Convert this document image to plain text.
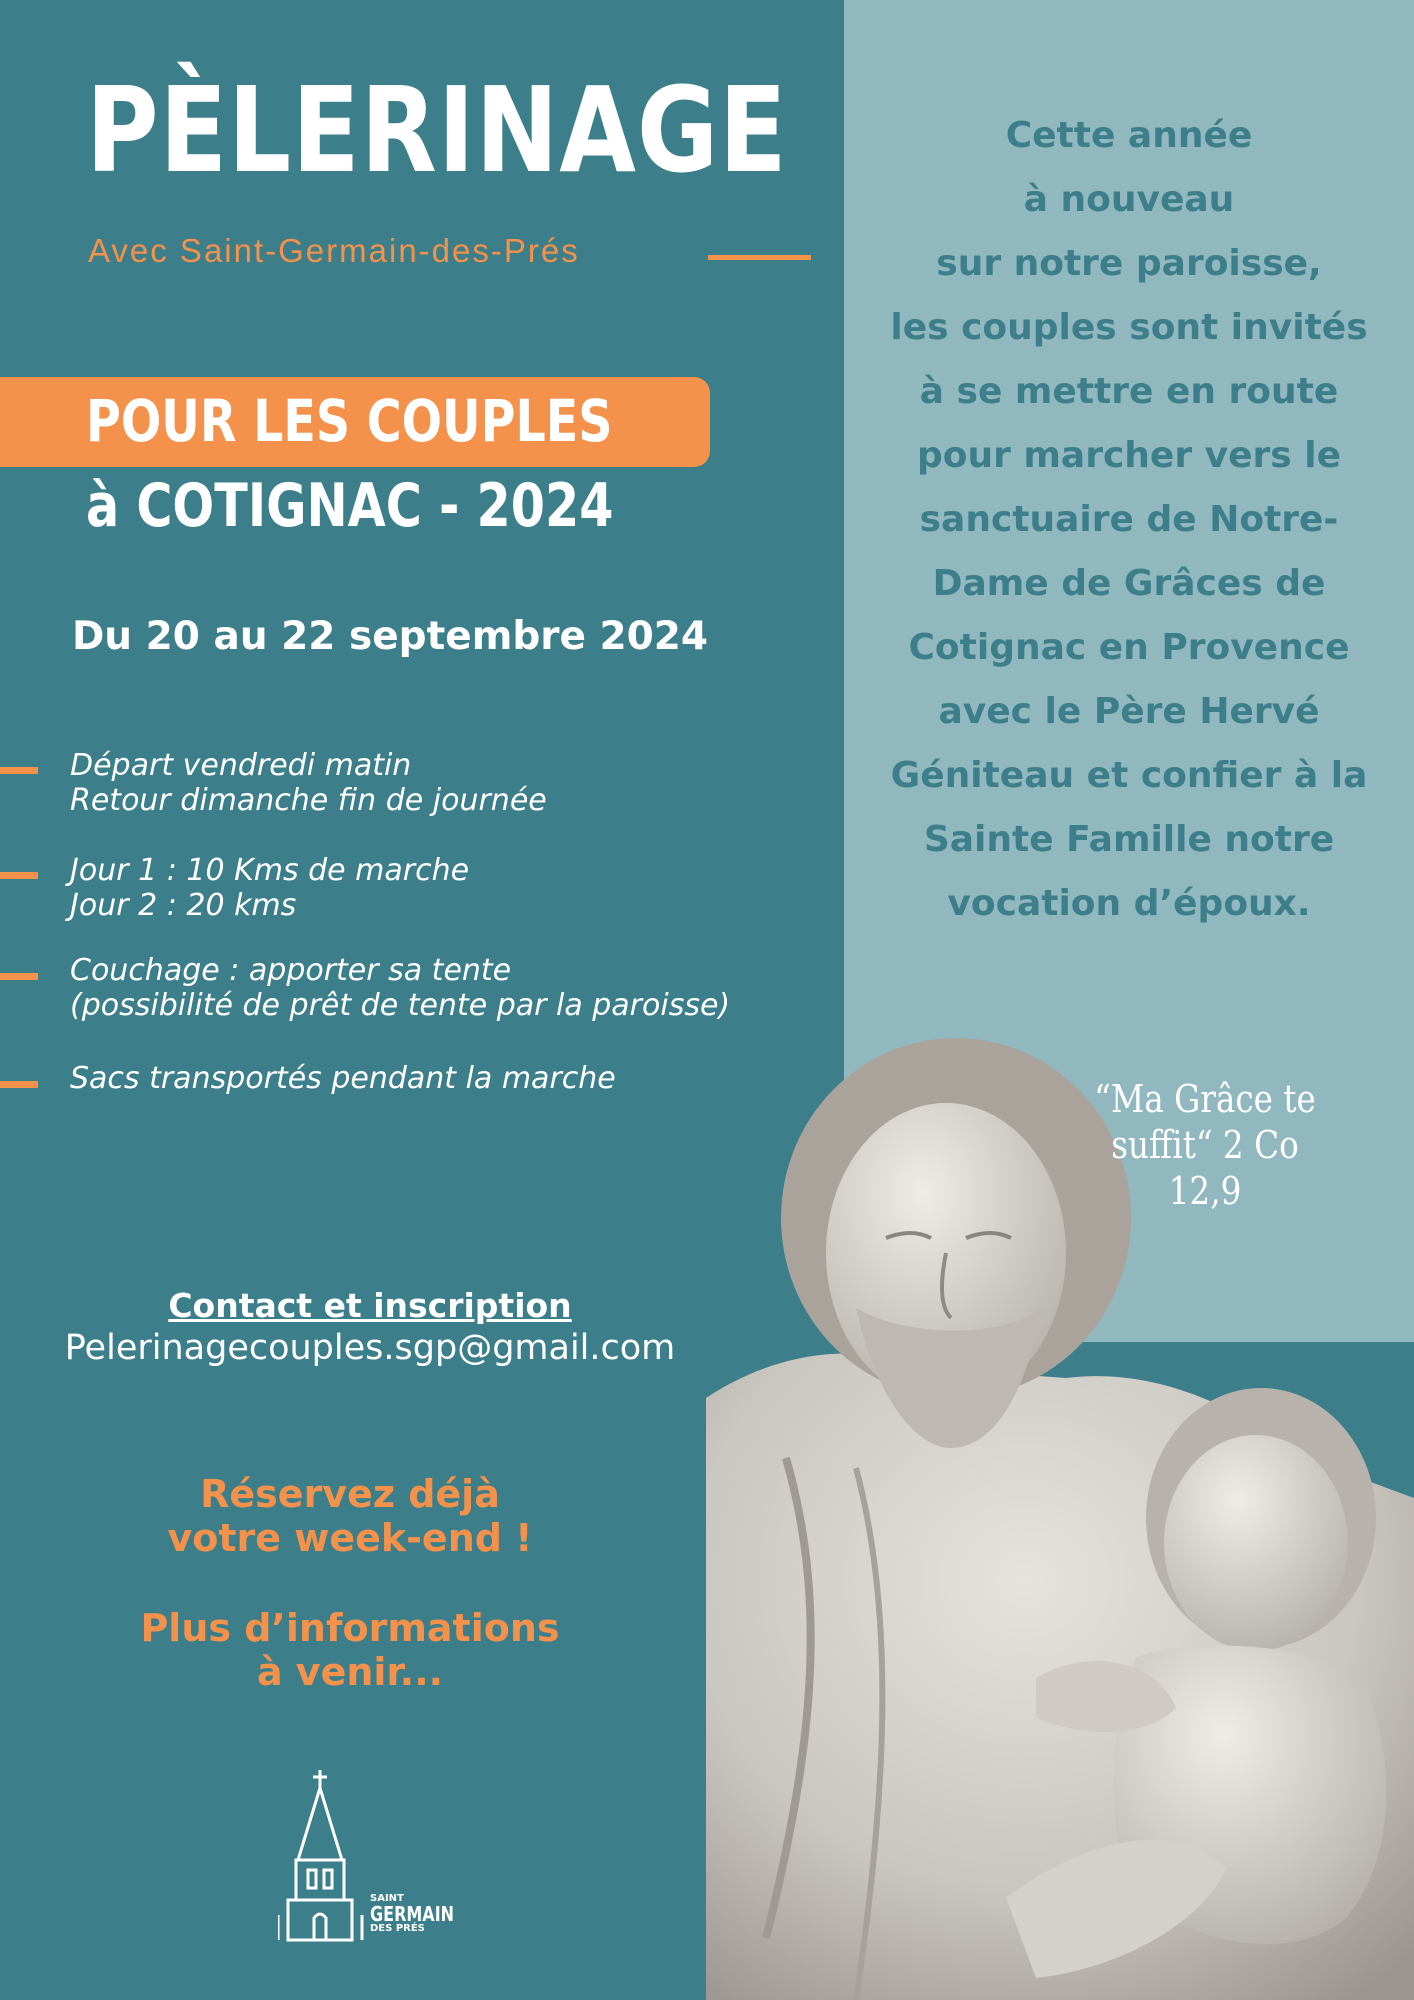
PÈLERINAGE
Avec Saint-Germain-des-Prés
POUR LES COUPLES
à COTIGNAC - 2024
Du 20 au 22 septembre 2024
Départ vendredi matin
Retour dimanche fin de journée
Jour 1 : 10 Kms de marche
Jour 2 : 20 kms
Couchage : apporter sa tente
(possibilité de prêt de tente par la paroisse)
Sacs transportés pendant la marche
Contact et inscription
Pelerinagecouples.sgp@gmail.com
Réservez déjà
votre week-end !
Plus d’informations
à venir...
Cette année
à nouveau
sur notre paroisse,
les couples sont invités
à se mettre en route
pour marcher vers le
sanctuaire de Notre-
Dame de Grâces de
Cotignac en Provence
avec le Père Hervé
Géniteau et confier à la
Sainte Famille notre
vocation d’époux.
“Ma Grâce te
suffit“ 2 Co 12,9
SAINT
GERMAIN
DES PRÉS
